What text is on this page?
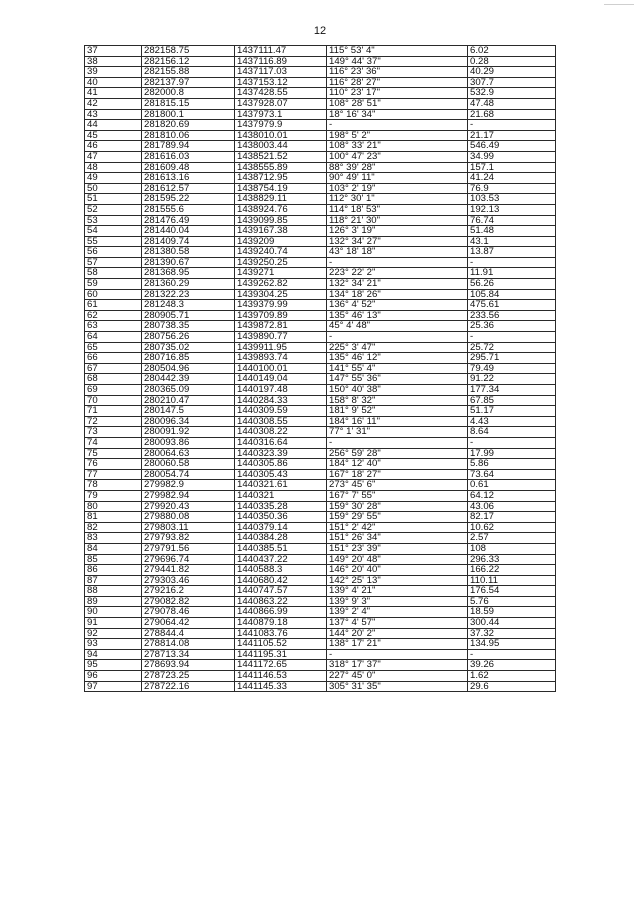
12
37	282158.75	1437111.47	115° 53' 4"	6.02
38	282156.12	1437116.89	149° 44' 37"	0.28
39	282155.88	1437117.03	116° 23' 36"	40.29
40	282137.97	1437153.12	116° 28' 27"	307.7
41	282000.8	1437428.55	110° 23' 17"	532.9
42	281815.15	1437928.07	108° 28' 51"	47.48
43	281800.1	1437973.1	18° 16' 34"	21.68
44	281820.69	1437979.9	-	-
45	281810.06	1438010.01	198° 5' 2"	21.17
46	281789.94	1438003.44	108° 33' 21"	546.49
47	281616.03	1438521.52	100° 47' 23"	34.99
48	281609.48	1438555.89	88° 39' 28"	157.1
49	281613.16	1438712.95	90° 49' 11"	41.24
50	281612.57	1438754.19	103° 2' 19"	76.9
51	281595.22	1438829.11	112° 30' 1"	103.53
52	281555.6	1438924.76	114° 18' 53"	192.13
53	281476.49	1439099.85	118° 21' 30"	76.74
54	281440.04	1439167.38	126° 3' 19"	51.48
55	281409.74	1439209	132° 34' 27"	43.1
56	281380.58	1439240.74	43° 18' 18"	13.87
57	281390.67	1439250.25	-	-
58	281368.95	1439271	223° 22' 2"	11.91
59	281360.29	1439262.82	132° 34' 21"	56.26
60	281322.23	1439304.25	134° 18' 26"	105.84
61	281248.3	1439379.99	136° 4' 52"	475.61
62	280905.71	1439709.89	135° 46' 13"	233.56
63	280738.35	1439872.81	45° 4' 48"	25.36
64	280756.26	1439890.77	-	-
65	280735.02	1439911.95	225° 3' 47"	25.72
66	280716.85	1439893.74	135° 46' 12"	295.71
67	280504.96	1440100.01	141° 55' 4"	79.49
68	280442.39	1440149.04	147° 55' 36"	91.22
69	280365.09	1440197.48	150° 40' 38"	177.34
70	280210.47	1440284.33	158° 8' 32"	67.85
71	280147.5	1440309.59	181° 9' 52"	51.17
72	280096.34	1440308.55	184° 16' 11"	4.43
73	280091.92	1440308.22	77° 1' 31"	8.64
74	280093.86	1440316.64	-	-
75	280064.63	1440323.39	256° 59' 28"	17.99
76	280060.58	1440305.86	184° 12' 40"	5.86
77	280054.74	1440305.43	167° 18' 27"	73.64
78	279982.9	1440321.61	273° 45' 6"	0.61
79	279982.94	1440321	167° 7' 55"	64.12
80	279920.43	1440335.28	159° 30' 28"	43.06
81	279880.08	1440350.36	159° 29' 55"	82.17
82	279803.11	1440379.14	151° 2' 42"	10.62
83	279793.82	1440384.28	151° 26' 34"	2.57
84	279791.56	1440385.51	151° 23' 39"	108
85	279696.74	1440437.22	149° 20' 48"	296.33
86	279441.82	1440588.3	146° 20' 40"	166.22
87	279303.46	1440680.42	142° 25' 13"	110.11
88	279216.2	1440747.57	139° 4' 21"	176.54
89	279082.82	1440863.22	139° 9' 3"	5.76
90	279078.46	1440866.99	139° 2' 4"	18.59
91	279064.42	1440879.18	137° 4' 57"	300.44
92	278844.4	1441083.76	144° 20' 2"	37.32
93	278814.08	1441105.52	138° 17' 21"	134.95
94	278713.34	1441195.31	-	-
95	278693.94	1441172.65	318° 17' 37"	39.26
96	278723.25	1441146.53	227° 45' 0"	1.62
97	278722.16	1441145.33	305° 31' 35"	29.6
